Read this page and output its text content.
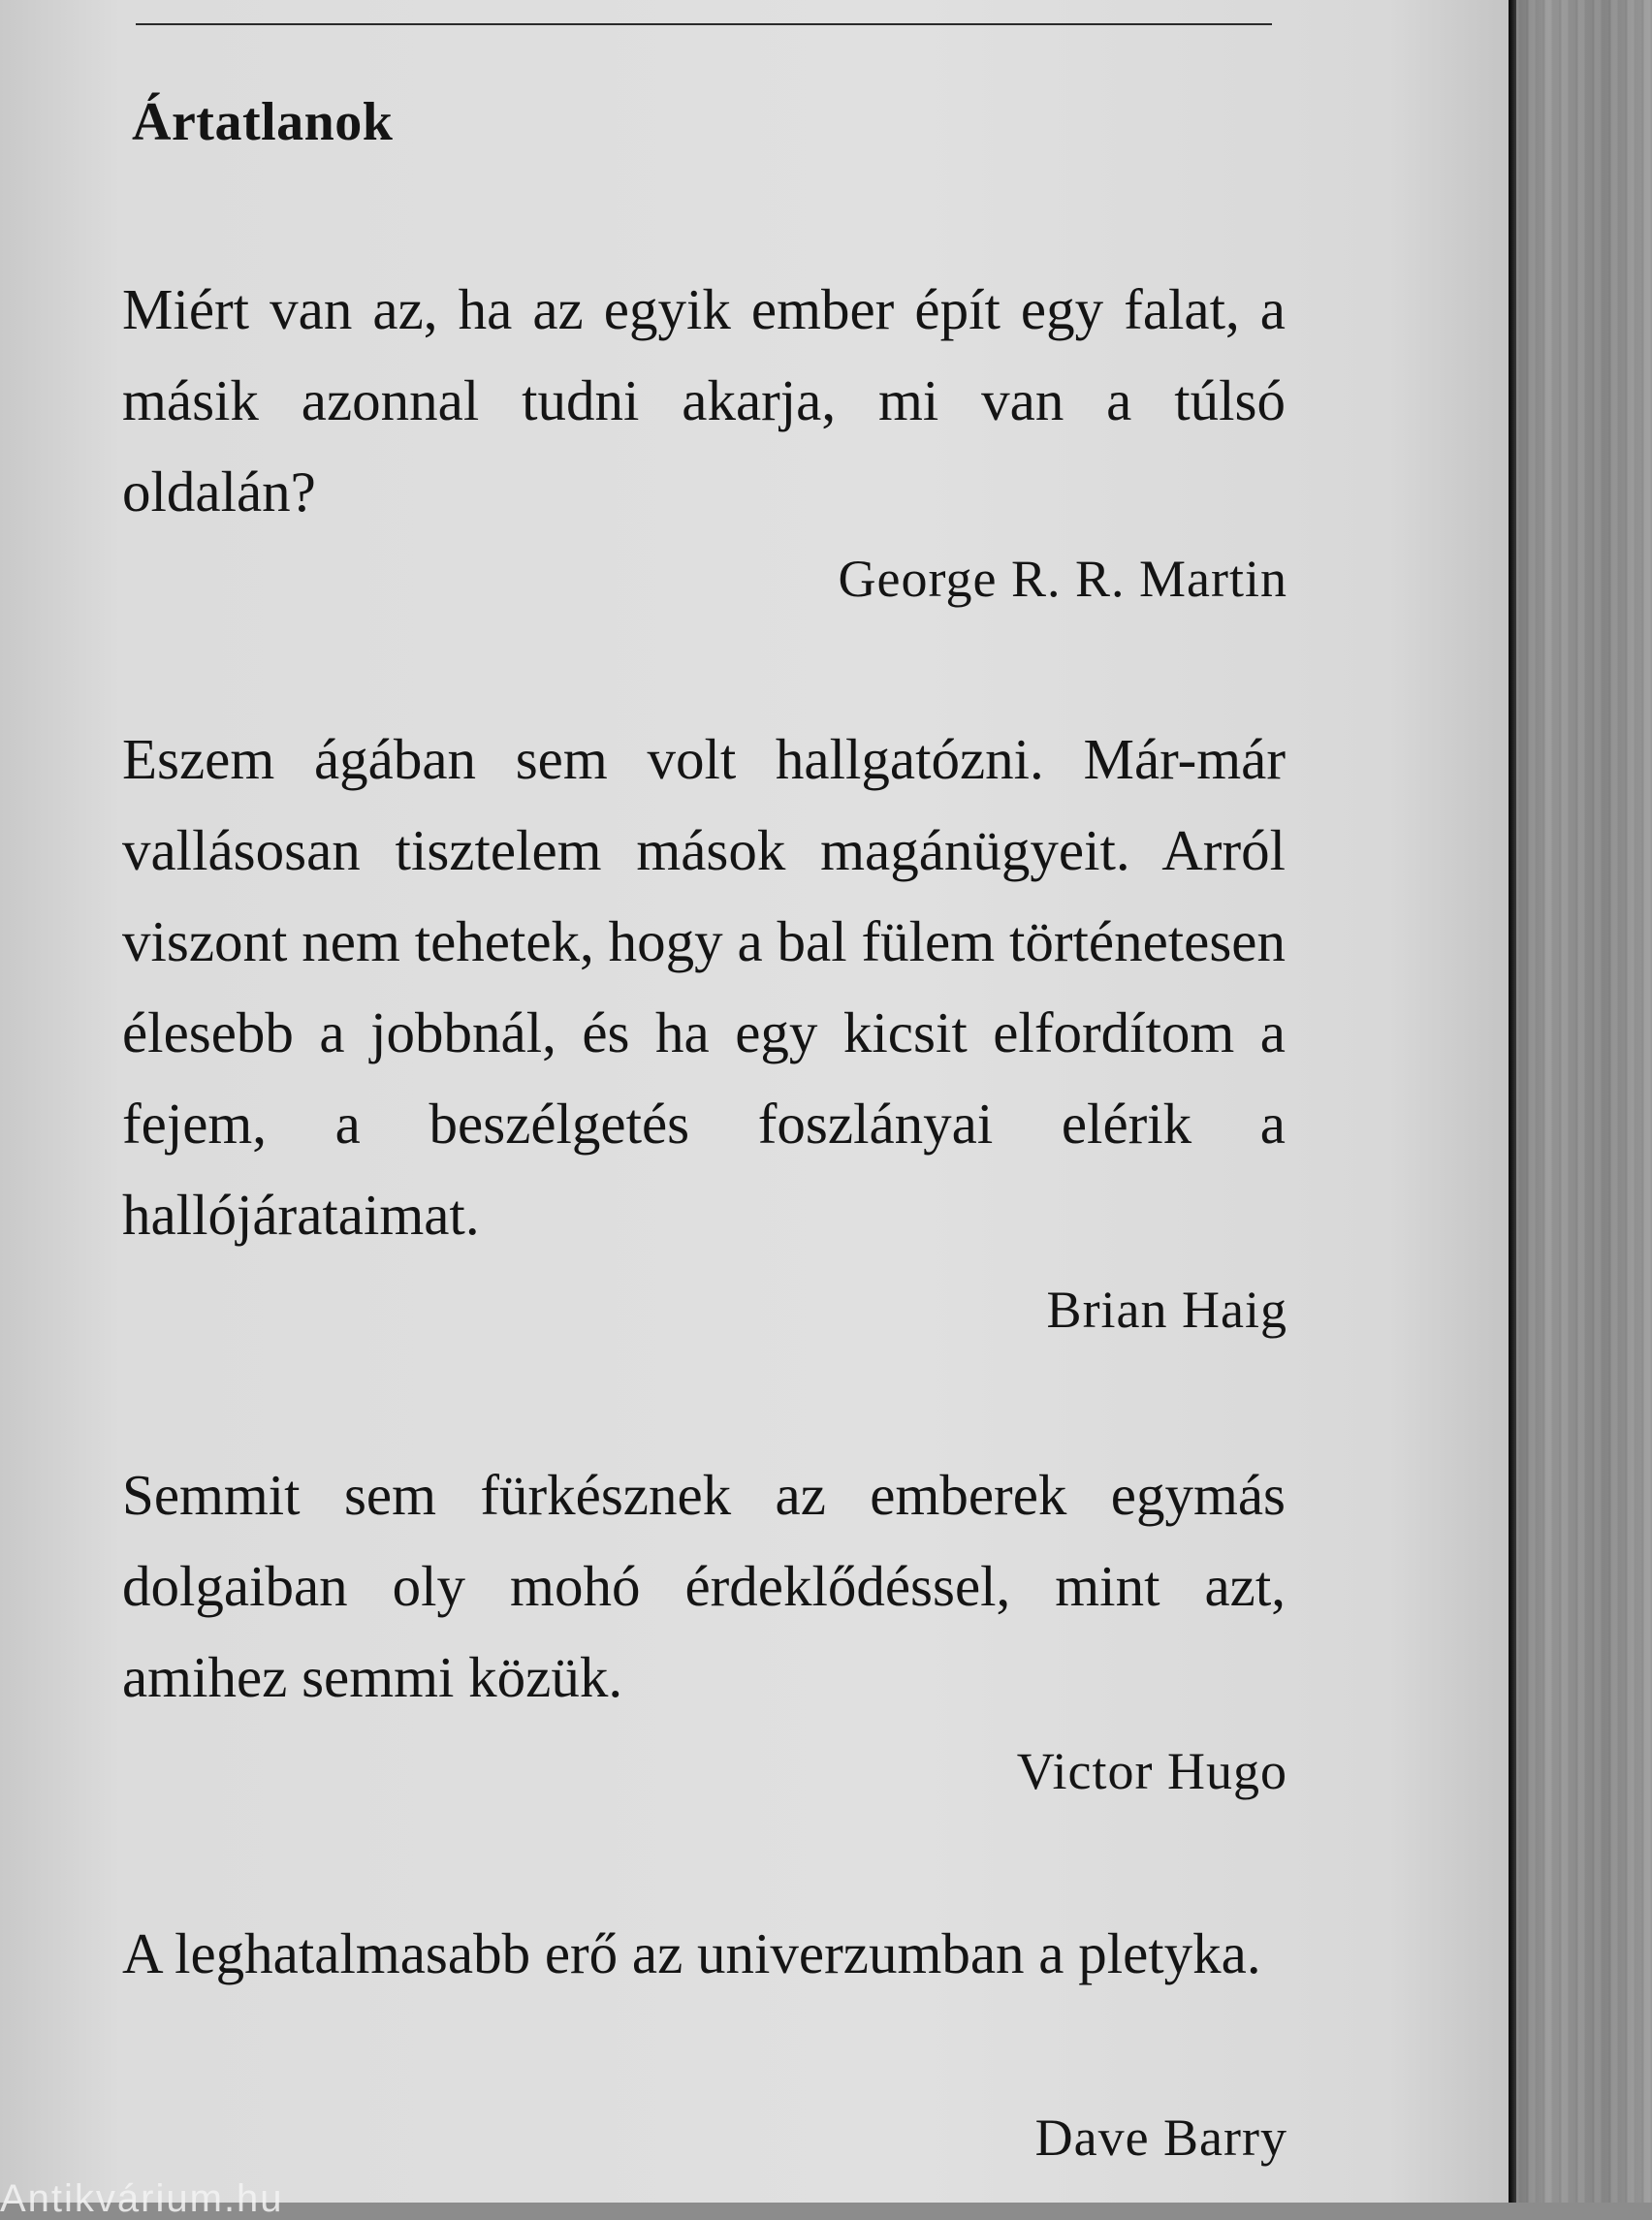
Ártatlanok
Miért van az, ha az egyik ember épít egy falat, a másik azonnal tudni akarja, mi van a túlsó oldalán?
George R. R. Martin
Eszem ágában sem volt hallgatózni. Már-már vallásosan tisztelem mások magánügyeit. Arról viszont nem tehetek, hogy a bal fülem történetesen élesebb a jobbnál, és ha egy kicsit elfordítom a fejem, a beszélgetés foszlányai elérik a hallójárataimat.
Brian Haig
Semmit sem fürkésznek az emberek egymás dolgaiban oly mohó érdeklődéssel, mint azt, amihez semmi közük.
Victor Hugo
A leghatalmasabb erő az univerzumban a pletyka.
Dave Barry
Antikvárium.hu
